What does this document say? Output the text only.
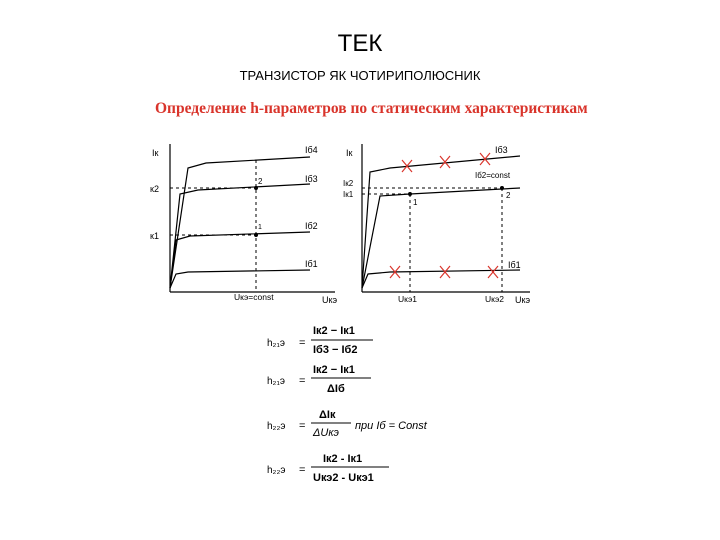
ТЕК
ТРАНЗИСТОР ЯК ЧОТИРИПОЛЮСНИК
Определение h-параметров по статическим характеристикам
Iк
к2
к1
Iб4
Iб3
Iб2
Iб1
2
1
Uкэ=const	Uкэ
Iк
Iк2
Iк1
Iб3
Iб2=const
Iб1
1
2
Uкэ1	Uкэ2 Uкэ
h₂₁э =
Iк2 − Iк1
Iб3 − Iб2
h₂₁э =
Iк2 − Iк1
ΔIб
h₂₂э =
ΔIк
ΔUкэ
при Iб = Const
h₂₂э =
Iк2 - Iк1
Uкэ2 - Uкэ1
